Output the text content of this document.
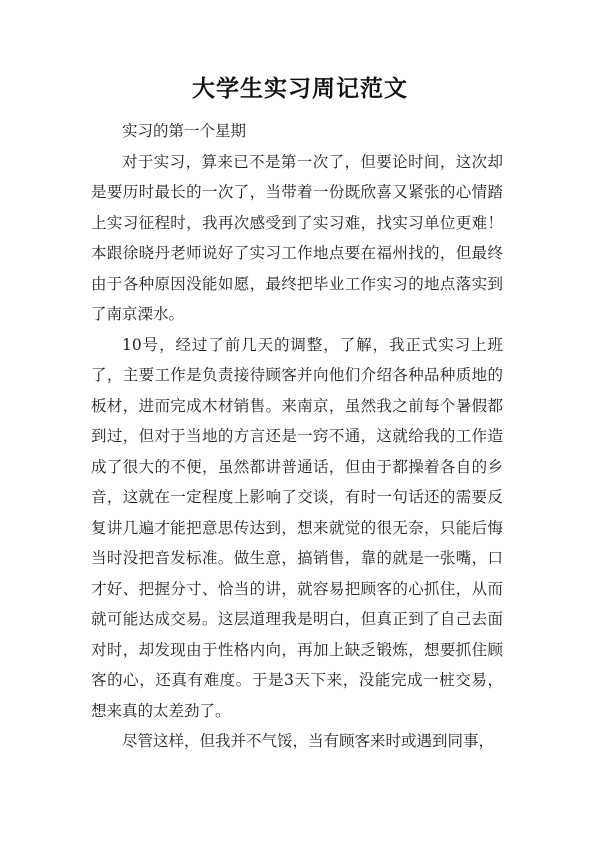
大学生实习周记范文

实习的第一个星期

对于实习，算来已不是第一次了，但要论时间，这次却是要历时最长的一次了，当带着一份既欣喜又紧张的心情踏上实习征程时，我再次感受到了实习难，找实习单位更难！本跟徐晓丹老师说好了实习工作地点要在福州找的，但最终由于各种原因没能如愿，最终把毕业工作实习的地点落实到了南京溧水。

10号，经过了前几天的调整，了解，我正式实习上班了，主要工作是负责接待顾客并向他们介绍各种品种质地的板材，进而完成木材销售。来南京，虽然我之前每个暑假都到过，但对于当地的方言还是一窍不通，这就给我的工作造成了很大的不便，虽然都讲普通话，但由于都操着各自的乡音，这就在一定程度上影响了交谈，有时一句话还的需要反复讲几遍才能把意思传达到，想来就觉的很无奈，只能后悔当时没把音发标准。做生意，搞销售，靠的就是一张嘴，口才好、把握分寸、恰当的讲，就容易把顾客的心抓住，从而就可能达成交易。这层道理我是明白，但真正到了自己去面对时，却发现由于性格内向，再加上缺乏锻炼，想要抓住顾客的心，还真有难度。于是3天下来，没能完成一桩交易，想来真的太差劲了。

尽管这样，但我并不气馁，当有顾客来时或遇到同事，
